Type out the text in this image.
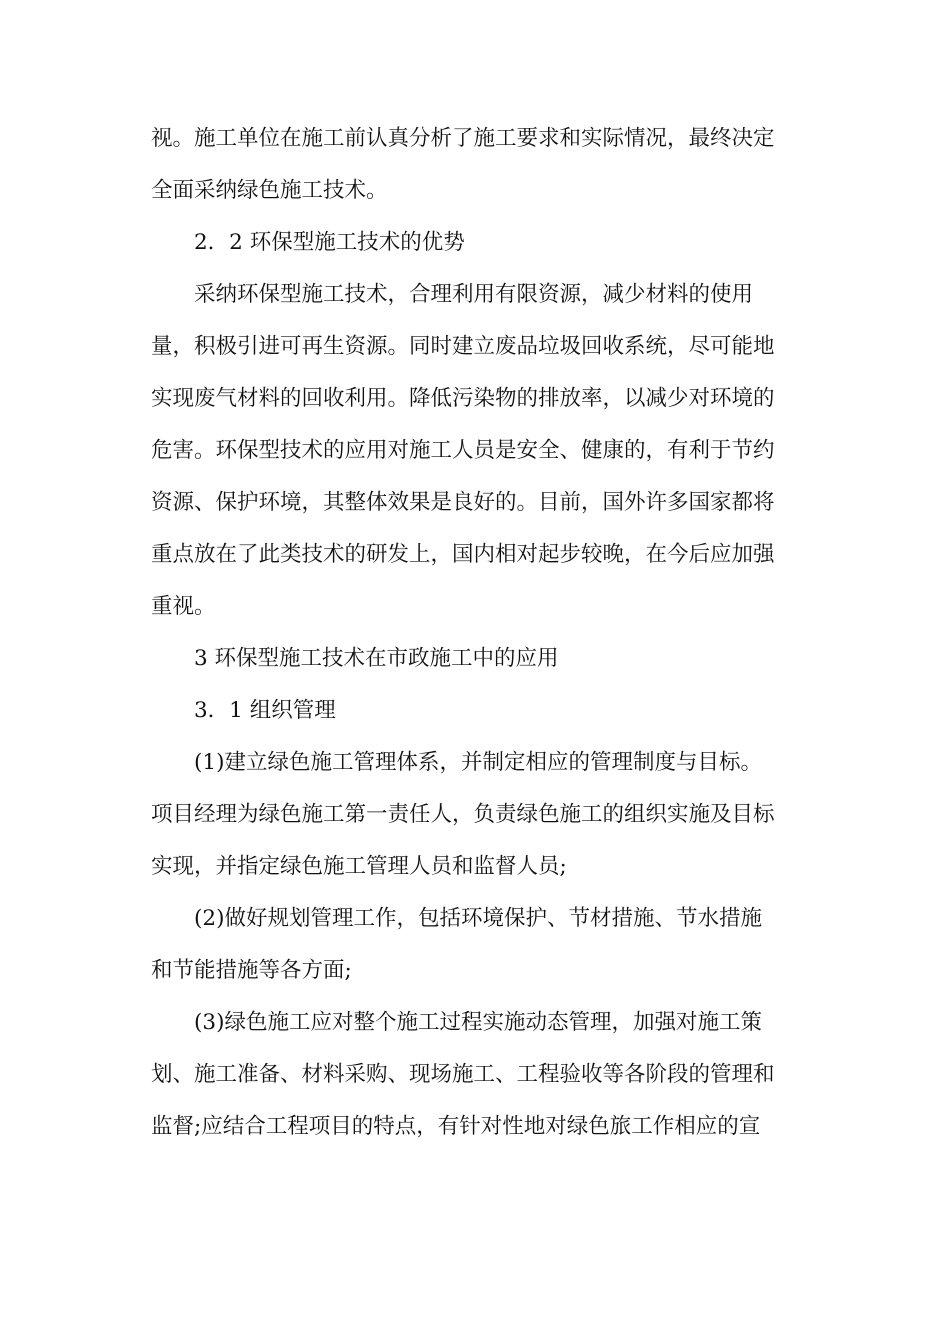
视。施工单位在施工前认真分析了施工要求和实际情况，最终决定

全面采纳绿色施工技术。

2．2 环保型施工技术的优势

采纳环保型施工技术，合理利用有限资源，减少材料的使用

量，积极引进可再生资源。同时建立废品垃圾回收系统，尽可能地

实现废气材料的回收利用。降低污染物的排放率，以减少对环境的

危害。环保型技术的应用对施工人员是安全、健康的，有利于节约

资源、保护环境，其整体效果是良好的。目前，国外许多国家都将

重点放在了此类技术的研发上，国内相对起步较晚，在今后应加强

重视。

3 环保型施工技术在市政施工中的应用

3．1 组织管理

(1)建立绿色施工管理体系，并制定相应的管理制度与目标。

项目经理为绿色施工第一责任人，负责绿色施工的组织实施及目标

实现，并指定绿色施工管理人员和监督人员;

(2)做好规划管理工作，包括环境保护、节材措施、节水措施

和节能措施等各方面;

(3)绿色施工应对整个施工过程实施动态管理，加强对施工策

划、施工准备、材料采购、现场施工、工程验收等各阶段的管理和

监督;应结合工程项目的特点，有针对性地对绿色旅工作相应的宣
